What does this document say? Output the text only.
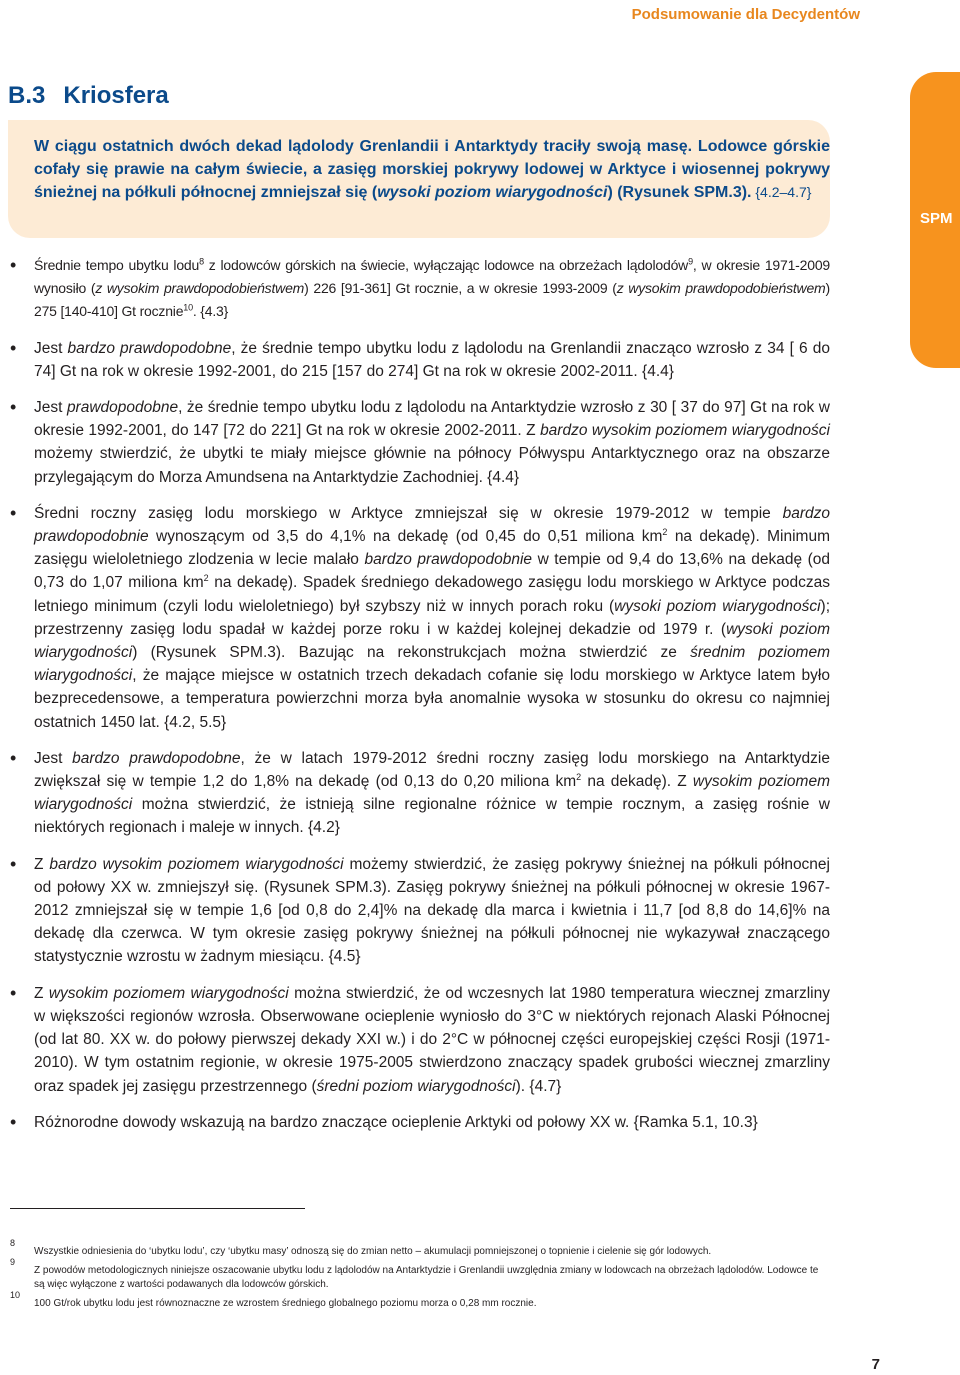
Podsumowanie dla Decydentów
B.3 Kriosfera
SPM
W ciągu ostatnich dwóch dekad lądolody Grenlandii i Antarktydy traciły swoją masę. Lodowce górskie cofały się prawie na całym świecie, a zasięg morskiej pokrywy lodowej w Arktyce i wiosennej pokrywy śnieżnej na półkuli północnej zmniejszał się (wysoki poziom wiarygodności) (Rysunek SPM.3). {4.2–4.7}
• Średnie tempo ubytku lodu$^8$ z lodowców górskich na świecie, wyłączając lodowce na obrzeżach lądolodów$^9$, w okresie 1971-2009 wynosiło (z wysokim prawdopodobieństwem) 226 [91-361] Gt rocznie, a w okresie 1993-2009 (z wysokim prawdopodobieństwem) 275 [140-410] Gt rocznie$^{10}$. {4.3}
• Jest bardzo prawdopodobne, że średnie tempo ubytku lodu z lądolodu na Grenlandii znacząco wzrosło z 34 [ 6 do 74] Gt na rok w okresie 1992-2001, do 215 [157 do 274] Gt na rok w okresie 2002-2011. {4.4}
• Jest prawdopodobne, że średnie tempo ubytku lodu z lądolodu na Antarktydzie wzrosło z 30 [ 37 do 97] Gt na rok w okresie 1992-2001, do 147 [72 do 221] Gt na rok w okresie 2002-2011. Z bardzo wysokim poziomem wiarygodności możemy stwierdzić, że ubytki te miały miejsce głównie na północy Półwyspu Antarktycznego oraz na obszarze przylegającym do Morza Amundsena na Antarktydzie Zachodniej. {4.4}
• Średni roczny zasięg lodu morskiego w Arktyce zmniejszał się w okresie 1979-2012 w tempie bardzo prawdopodobnie wynoszącym od 3,5 do 4,1% na dekadę (od 0,45 do 0,51 miliona $km^2$ na dekadę). Minimum zasięgu wieloletniego zlodzenia w lecie malało bardzo prawdopodobnie w tempie od 9,4 do 13,6% na dekadę (od 0,73 do 1,07 miliona $km^2$ na dekadę). Spadek średniego dekadowego zasięgu lodu morskiego w Arktyce podczas letniego minimum (czyli lodu wieloletniego) był szybszy niż w innych porach roku (wysoki poziom wiarygodności); przestrzenny zasięg lodu spadał w każdej porze roku i w każdej kolejnej dekadzie od 1979 r. (wysoki poziom wiarygodności) (Rysunek SPM.3). Bazując na rekonstrukcjach można stwierdzić ze średnim poziomem wiarygodności, że mające miejsce w ostatnich trzech dekadach cofanie się lodu morskiego w Arktyce latem było bezprecedensowe, a temperatura powierzchni morza była anomalnie wysoka w stosunku do okresu co najmniej ostatnich 1450 lat. {4.2, 5.5}
• Jest bardzo prawdopodobne, że w latach 1979-2012 średni roczny zasięg lodu morskiego na Antarktydzie zwiększał się w tempie 1,2 do 1,8% na dekadę (od 0,13 do 0,20 miliona $km^2$ na dekadę). Z wysokim poziomem wiarygodności można stwierdzić, że istnieją silne regionalne różnice w tempie rocznym, a zasięg rośnie w niektórych regionach i maleje w innych. {4.2}
• Z bardzo wysokim poziomem wiarygodności możemy stwierdzić, że zasięg pokrywy śnieżnej na półkuli północnej od połowy XX w. zmniejszył się. (Rysunek SPM.3). Zasięg pokrywy śnieżnej na półkuli północnej w okresie 1967-2012 zmniejszał się w tempie 1,6 [od 0,8 do 2,4]% na dekadę dla marca i kwietnia i 11,7 [od 8,8 do 14,6]% na dekadę dla czerwca. W tym okresie zasięg pokrywy śnieżnej na półkuli północnej nie wykazywał znaczącego statystycznie wzrostu w żadnym miesiącu. {4.5}
• Z wysokim poziomem wiarygodności można stwierdzić, że od wczesnych lat 1980 temperatura wiecznej zmarzliny w większości regionów wzrosła. Obserwowane ocieplenie wyniosło do 3°C w niektórych rejonach Alaski Północnej (od lat 80. XX w. do połowy pierwszej dekady XXI w.) i do 2°C w północnej części europejskiej części Rosji (1971-2010). W tym ostatnim regionie, w okresie 1975-2005 stwierdzono znaczący spadek grubości wiecznej zmarzliny oraz spadek jej zasięgu przestrzennego (średni poziom wiarygodności). {4.7}
• Różnorodne dowody wskazują na bardzo znaczące ocieplenie Arktyki od połowy XX w. {Ramka 5.1, 10.3}
8
Wszystkie odniesienia do ‘ubytku lodu’, czy ‘ubytku masy’ odnoszą się do zmian netto – akumulacji pomniejszonej o topnienie i cielenie się gór lodowych.
9
Z powodów metodologicznych niniejsze oszacowanie ubytku lodu z lądolodów na Antarktydzie i Grenlandii uwzględnia zmiany w lodowcach na obrzeżach lądolodów. Lodowce te są więc wyłączone z wartości podawanych dla lodowców górskich.
10
100 Gt/rok ubytku lodu jest równoznaczne ze wzrostem średniego globalnego poziomu morza o 0,28 mm rocznie.
7
